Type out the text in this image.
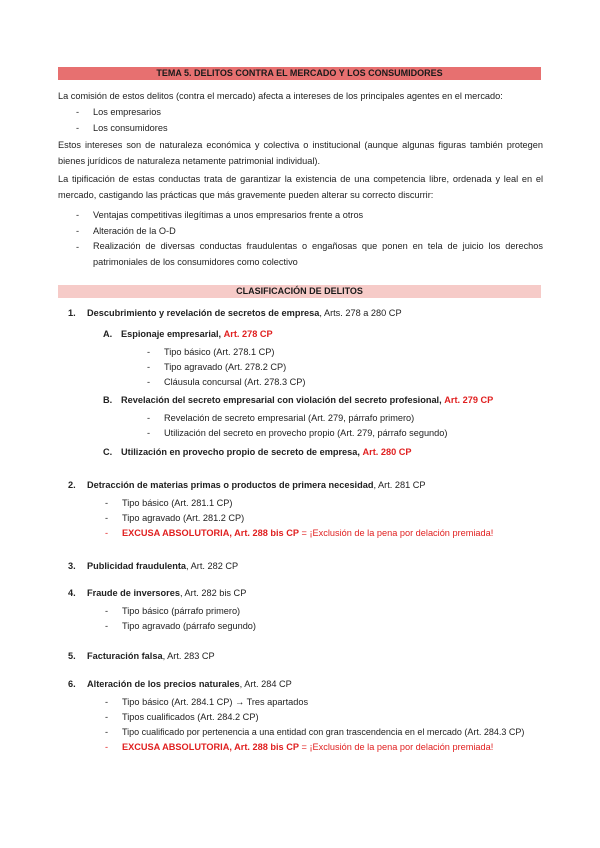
TEMA 5. DELITOS CONTRA EL MERCADO Y LOS CONSUMIDORES
La comisión de estos delitos (contra el mercado) afecta a intereses de los principales agentes en el mercado:
- Los empresarios
- Los consumidores
Estos intereses son de naturaleza económica y colectiva o institucional (aunque algunas figuras también protegen bienes jurídicos de naturaleza netamente patrimonial individual).
La tipificación de estas conductas trata de garantizar la existencia de una competencia libre, ordenada y leal en el mercado, castigando las prácticas que más gravemente pueden alterar su correcto discurrir:
- Ventajas competitivas ilegítimas a unos empresarios frente a otros
- Alteración de la O-D
- Realización de diversas conductas fraudulentas o engañosas que ponen en tela de juicio los derechos patrimoniales de los consumidores como colectivo
CLASIFICACIÓN DE DELITOS
1. Descubrimiento y revelación de secretos de empresa, Arts. 278 a 280 CP
A. Espionaje empresarial, Art. 278 CP
- Tipo básico (Art. 278.1 CP)
- Tipo agravado (Art. 278.2 CP)
- Cláusula concursal (Art. 278.3 CP)
B. Revelación del secreto empresarial con violación del secreto profesional, Art. 279 CP
- Revelación de secreto empresarial (Art. 279, párrafo primero)
- Utilización del secreto en provecho propio (Art. 279, párrafo segundo)
C. Utilización en provecho propio de secreto de empresa, Art. 280 CP
2. Detracción de materias primas o productos de primera necesidad, Art. 281 CP
- Tipo básico (Art. 281.1 CP)
- Tipo agravado (Art. 281.2 CP)
- EXCUSA ABSOLUTORIA, Art. 288 bis CP = ¡Exclusión de la pena por delación premiada!
3. Publicidad fraudulenta, Art. 282 CP
4. Fraude de inversores, Art. 282 bis CP
- Tipo básico (párrafo primero)
- Tipo agravado (párrafo segundo)
5. Facturación falsa, Art. 283 CP
6. Alteración de los precios naturales, Art. 284 CP
- Tipo básico (Art. 284.1 CP) → Tres apartados
- Tipos cualificados (Art. 284.2 CP)
- Tipo cualificado por pertenencia a una entidad con gran trascendencia en el mercado (Art. 284.3 CP)
- EXCUSA ABSOLUTORIA, Art. 288 bis CP = ¡Exclusión de la pena por delación premiada!
